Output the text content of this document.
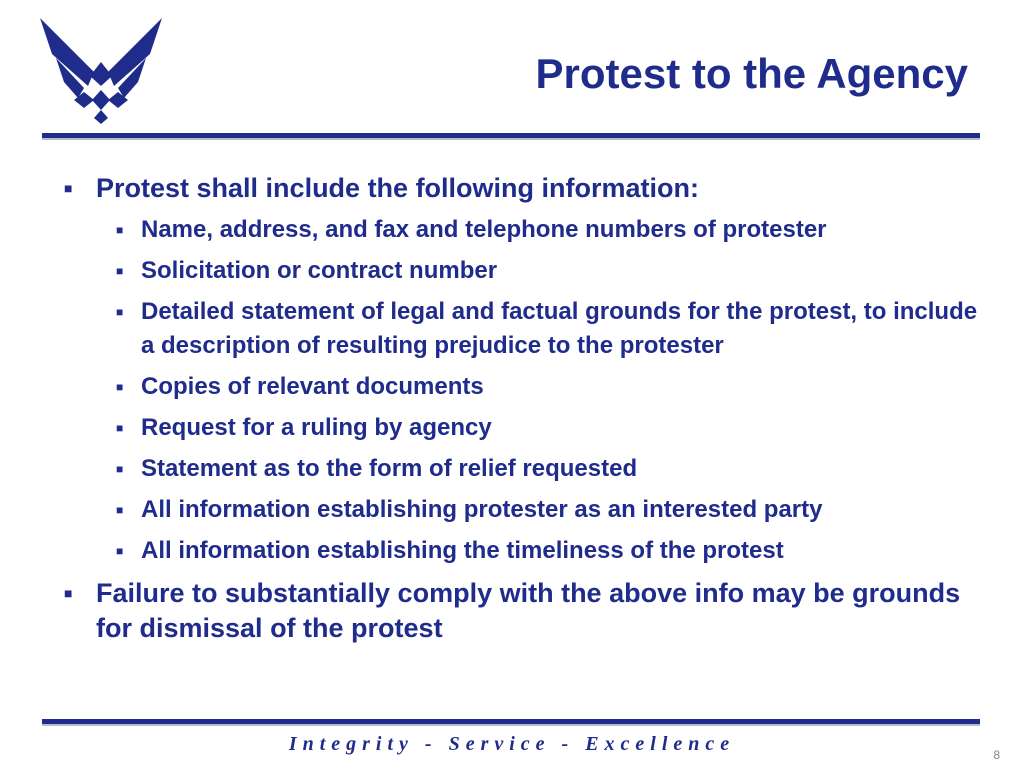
Protest to the Agency
■ Protest shall include the following information:
■ Name, address, and fax and telephone numbers of protester
■ Solicitation or contract number
■ Detailed statement of legal and factual grounds for the protest, to include a description of resulting prejudice to the protester
■ Copies of relevant documents
■ Request for a ruling by agency
■ Statement as to the form of relief requested
■ All information establishing protester as an interested party
■ All information establishing the timeliness of the protest
■ Failure to substantially comply with the above info may be grounds for dismissal of the protest
Integrity - Service - Excellence	8
